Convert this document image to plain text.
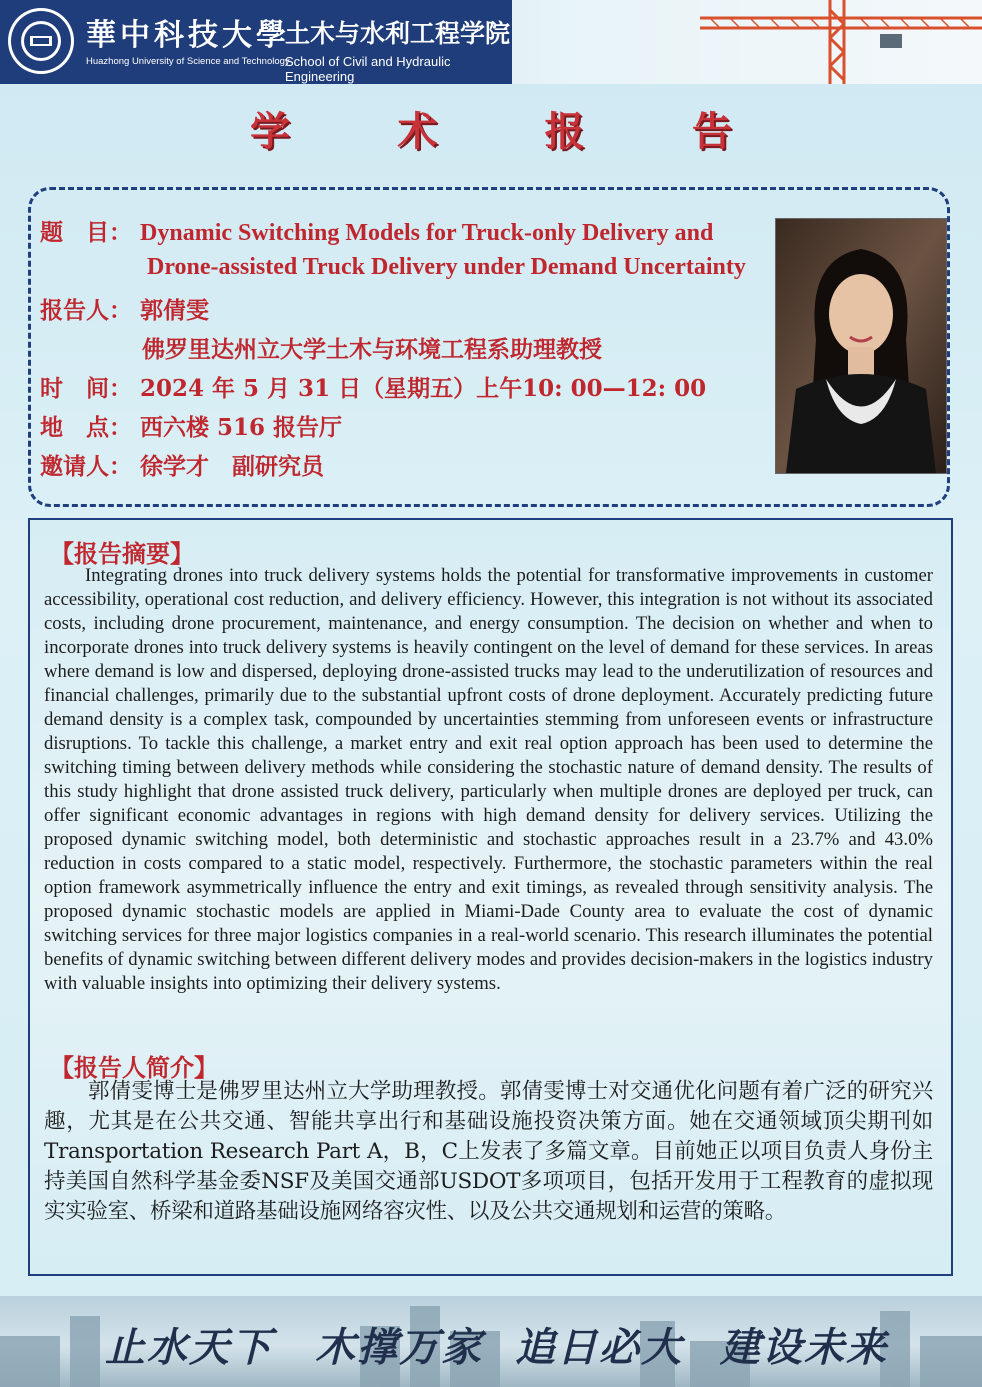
華中科技大學
土木与水利工程学院
Huazhong University of Science and Technology
School of Civil and Hydraulic Engineering
学	术	报	告
题　目： Dynamic Switching Models for Truck-only Delivery and
Drone-assisted Truck Delivery under Demand Uncertainty
报告人： 郭倩雯
佛罗里达州立大学土木与环境工程系助理教授
时　间： 2024 年 5 月 31 日（星期五）上午10: 00—12: 00
地　点： 西六楼 516 报告厅
邀请人： 徐学才　副研究员
【报告摘要】

Integrating drones into truck delivery systems holds the potential for transformative improvements in customer accessibility, operational cost reduction, and delivery efficiency. However, this integration is not without its associated costs, including drone procurement, maintenance, and energy consumption. The decision on whether and when to incorporate drones into truck delivery systems is heavily contingent on the level of demand for these services. In areas where demand is low and dispersed, deploying drone-assisted trucks may lead to the underutilization of resources and financial challenges, primarily due to the substantial upfront costs of drone deployment. Accurately predicting future demand density is a complex task, compounded by uncertainties stemming from unforeseen events or infrastructure disruptions. To tackle this challenge, a market entry and exit real option approach has been used to determine the switching timing between delivery methods while considering the stochastic nature of demand density. The results of this study highlight that drone assisted truck delivery, particularly when multiple drones are deployed per truck, can offer significant economic advantages in regions with high demand density for delivery services. Utilizing the proposed dynamic switching model, both deterministic and stochastic approaches result in a 23.7% and 43.0% reduction in costs compared to a static model, respectively. Furthermore, the stochastic parameters within the real option framework asymmetrically influence the entry and exit timings, as revealed through sensitivity analysis. The proposed dynamic stochastic models are applied in Miami-Dade County area to evaluate the cost of dynamic switching services for three major logistics companies in a real-world scenario. This research illuminates the potential benefits of dynamic switching between different delivery modes and provides decision-makers in the logistics industry with valuable insights into optimizing their delivery systems.

【报告人简介】

郭倩雯博士是佛罗里达州立大学助理教授。郭倩雯博士对交通优化问题有着广泛的研究兴趣，尤其是在公共交通、智能共享出行和基础设施投资决策方面。她在交通领域顶尖期刊如Transportation Research Part A，B，C上发表了多篇文章。目前她正以项目负责人身份主持美国自然科学基金委NSF及美国交通部USDOT多项项目，包括开发用于工程教育的虚拟现实实验室、桥梁和道路基础设施网络容灾性、以及公共交通规划和运营的策略。

止水天下 木撑万家 追日必大 建设未来
